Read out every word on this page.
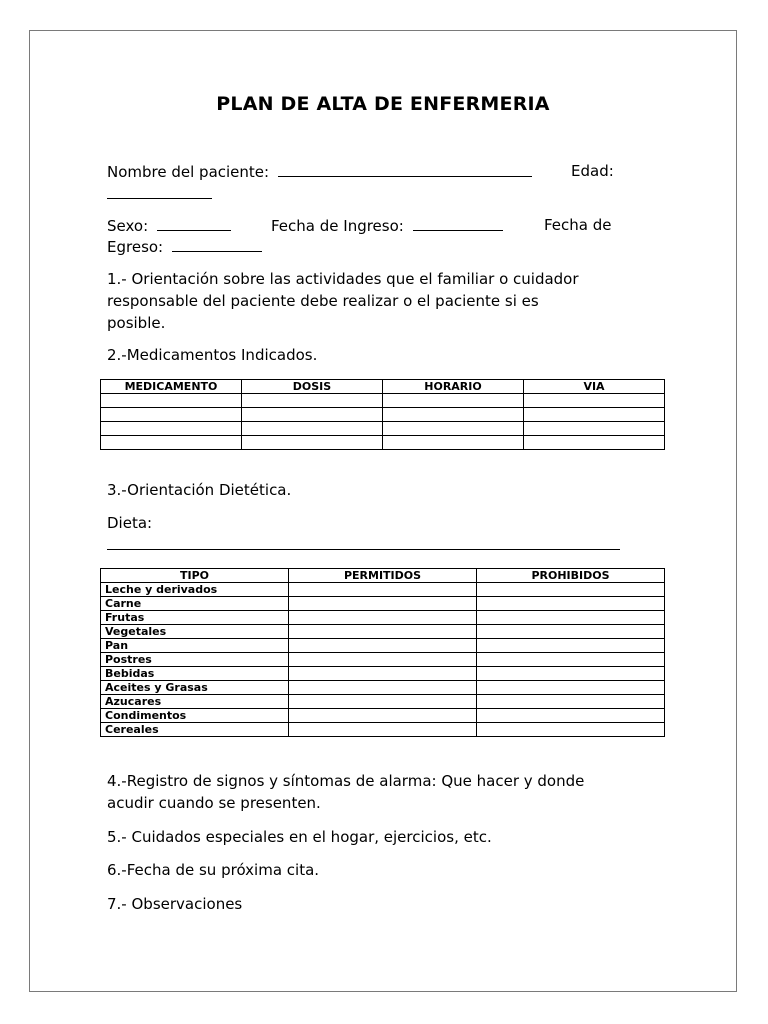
PLAN DE ALTA DE ENFERMERIA
Nombre del paciente:	Edad:
Sexo:	Fecha de Ingreso:	Fecha de
Egreso:
1.- Orientación sobre las actividades que el familiar o cuidador
responsable del paciente debe realizar o el paciente si es
posible.
2.-Medicamentos Indicados.
MEDICAMENTO	DOSIS	HORARIO	VIA

3.-Orientación Dietética.
Dieta:
TIPO	PERMITIDOS	PROHIBIDOS
Leche y derivados		
Carne		
Frutas		
Vegetales		
Pan		
Postres		
Bebidas		
Aceites y Grasas		
Azucares		
Condimentos		
Cereales		
4.-Registro de signos y síntomas de alarma: Que hacer y donde
acudir cuando se presenten.
5.- Cuidados especiales en el hogar, ejercicios, etc.
6.-Fecha de su próxima cita.
7.- Observaciones
